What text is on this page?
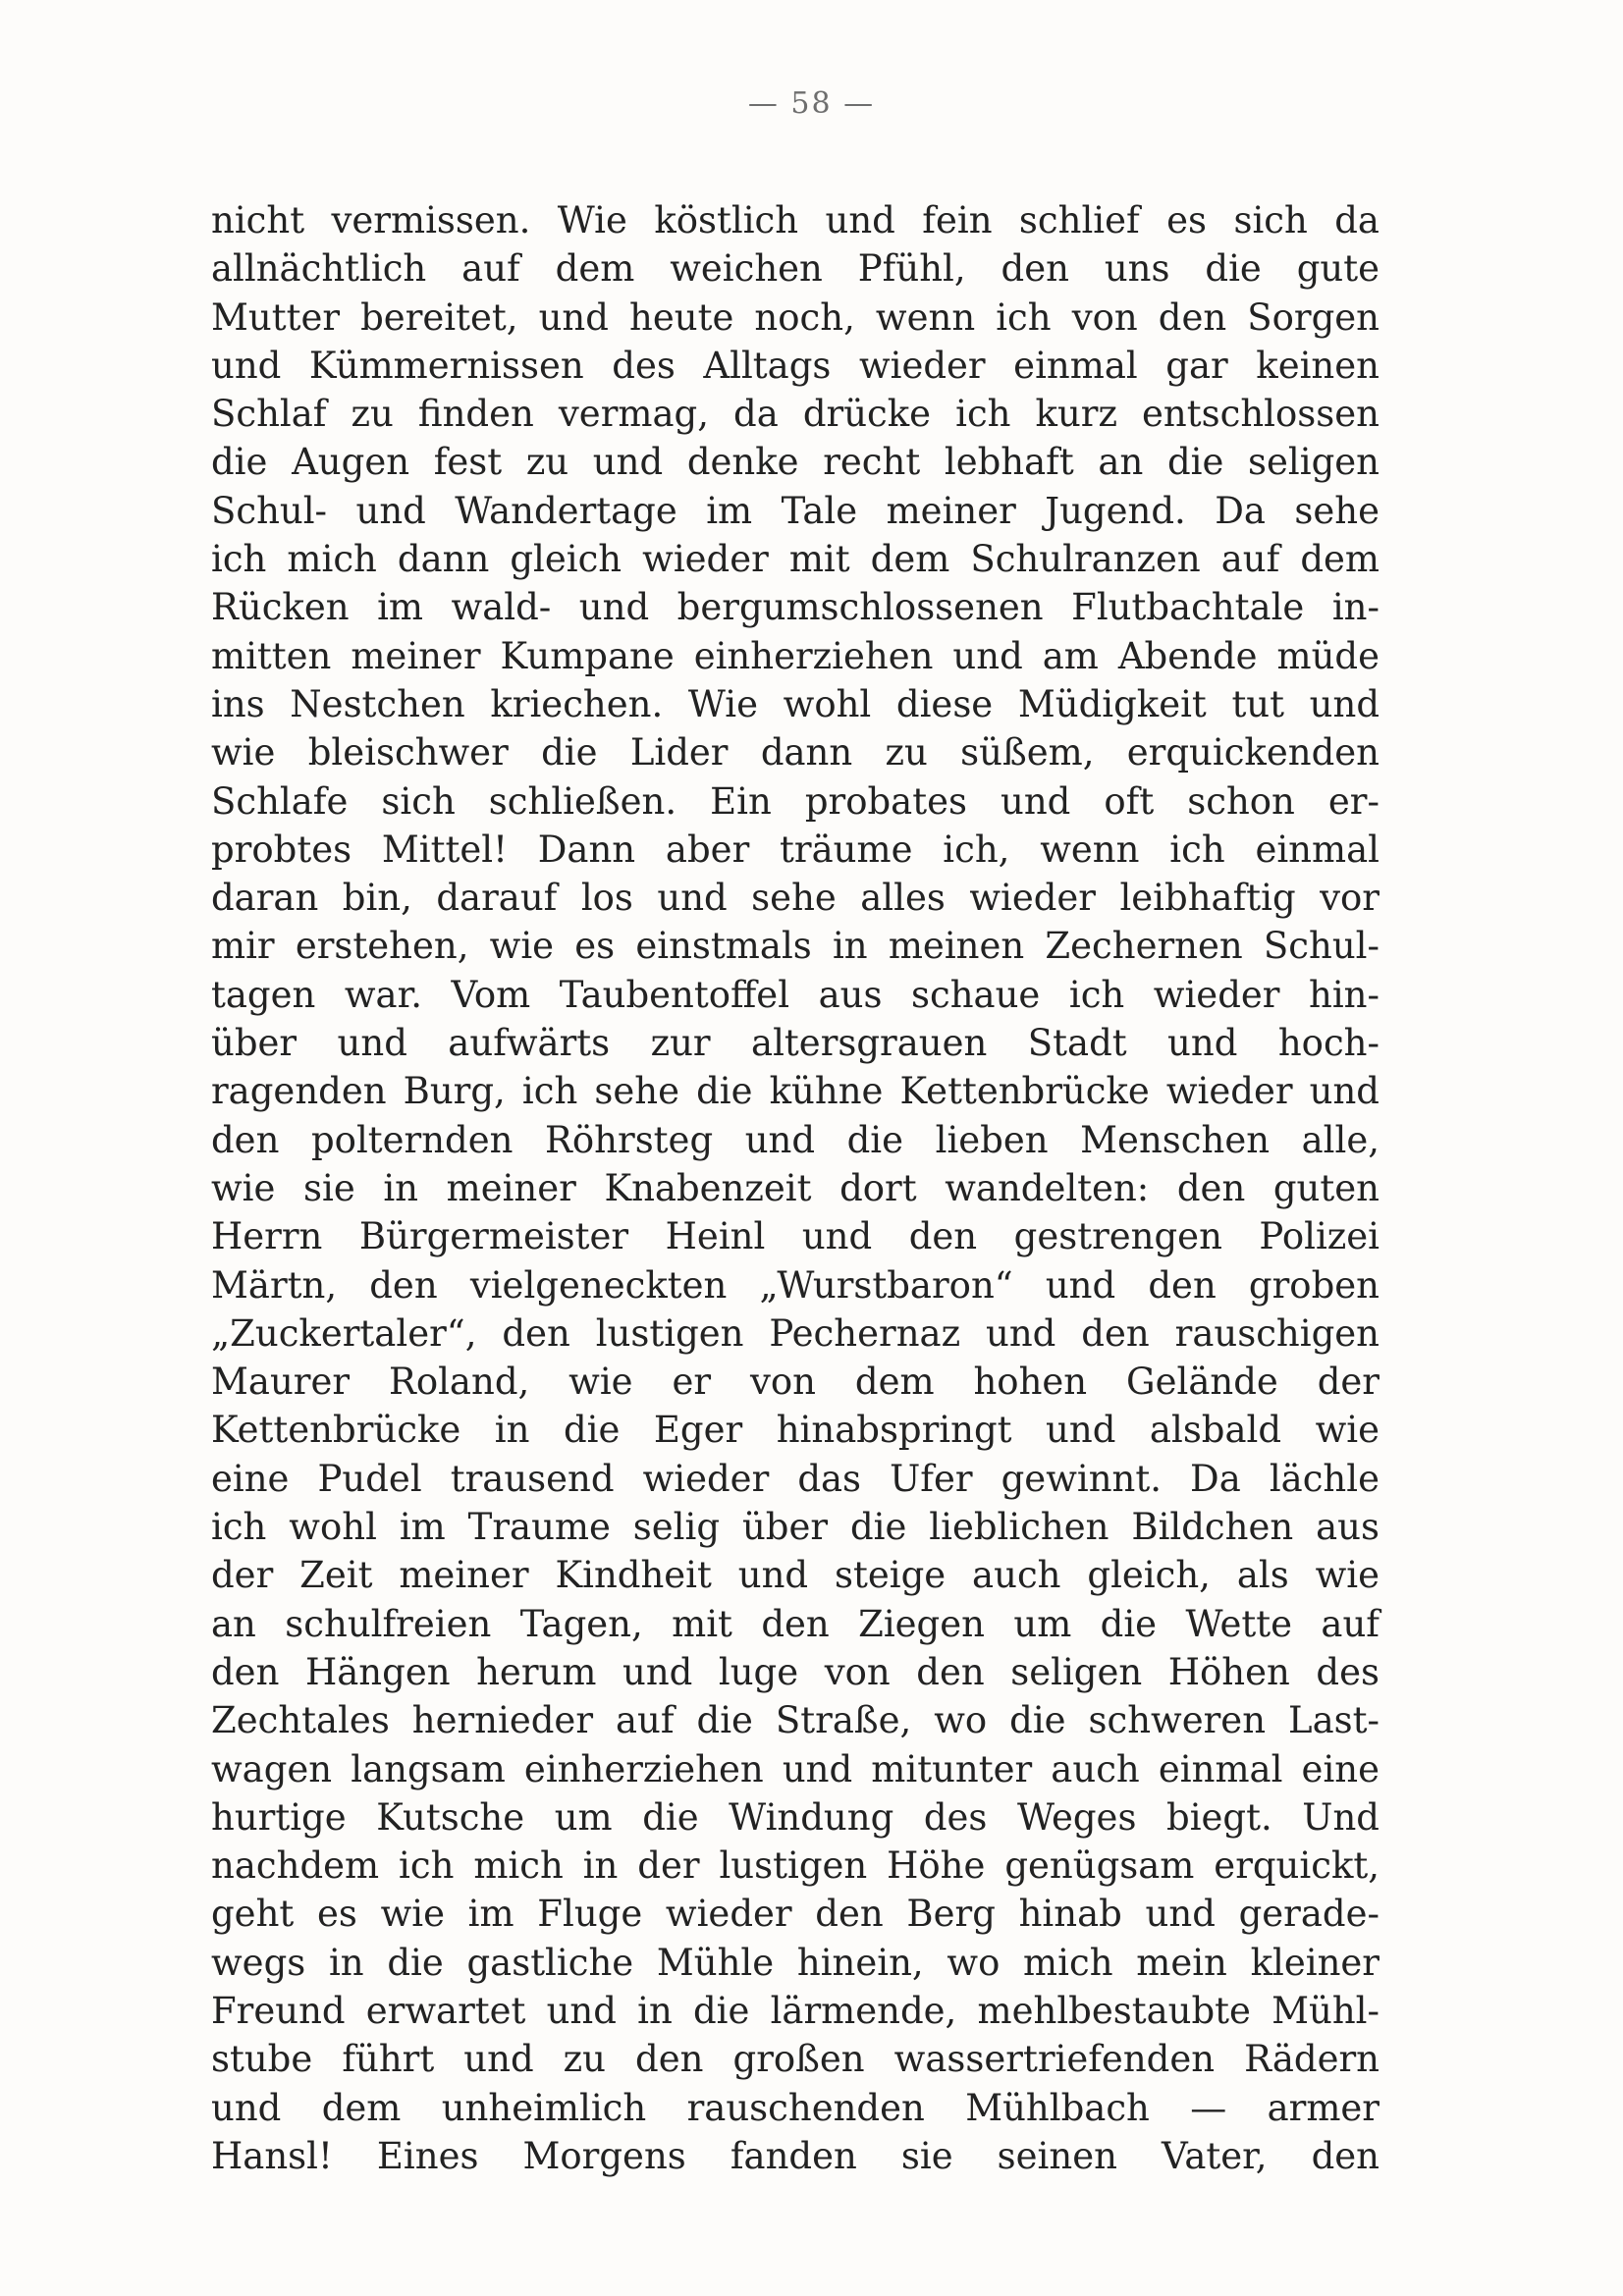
— 58 —
nicht vermissen. Wie köstlich und fein schlief es sich da
allnächtlich auf dem weichen Pfühl, den uns die gute
Mutter bereitet, und heute noch, wenn ich von den Sorgen
und Kümmernissen des Alltags wieder einmal gar keinen
Schlaf zu finden vermag, da drücke ich kurz entschlossen
die Augen fest zu und denke recht lebhaft an die seligen
Schul- und Wandertage im Tale meiner Jugend. Da sehe
ich mich dann gleich wieder mit dem Schulranzen auf dem
Rücken im wald- und bergumschlossenen Flutbachtale in-
mitten meiner Kumpane einherziehen und am Abende müde
ins Nestchen kriechen. Wie wohl diese Müdigkeit tut und
wie bleischwer die Lider dann zu süßem, erquickenden
Schlafe sich schließen. Ein probates und oft schon er-
probtes Mittel! Dann aber träume ich, wenn ich einmal
daran bin, darauf los und sehe alles wieder leibhaftig vor
mir erstehen, wie es einstmals in meinen Zechernen Schul-
tagen war. Vom Taubentoffel aus schaue ich wieder hin-
über und aufwärts zur altersgrauen Stadt und hoch-
ragenden Burg, ich sehe die kühne Kettenbrücke wieder und
den polternden Röhrsteg und die lieben Menschen alle,
wie sie in meiner Knabenzeit dort wandelten: den guten
Herrn Bürgermeister Heinl und den gestrengen Polizei
Märtn, den vielgeneckten „Wurstbaron“ und den groben
„Zuckertaler“, den lustigen Pechernaz und den rauschigen
Maurer Roland, wie er von dem hohen Gelände der
Kettenbrücke in die Eger hinabspringt und alsbald wie
eine Pudel trausend wieder das Ufer gewinnt. Da lächle
ich wohl im Traume selig über die lieblichen Bildchen aus
der Zeit meiner Kindheit und steige auch gleich, als wie
an schulfreien Tagen, mit den Ziegen um die Wette auf
den Hängen herum und luge von den seligen Höhen des
Zechtales hernieder auf die Straße, wo die schweren Last-
wagen langsam einherziehen und mitunter auch einmal eine
hurtige Kutsche um die Windung des Weges biegt. Und
nachdem ich mich in der lustigen Höhe genügsam erquickt,
geht es wie im Fluge wieder den Berg hinab und gerade-
wegs in die gastliche Mühle hinein, wo mich mein kleiner
Freund erwartet und in die lärmende, mehlbestaubte Mühl-
stube führt und zu den großen wassertriefenden Rädern
und dem unheimlich rauschenden Mühlbach — armer
Hansl! Eines Morgens fanden sie seinen Vater, den
